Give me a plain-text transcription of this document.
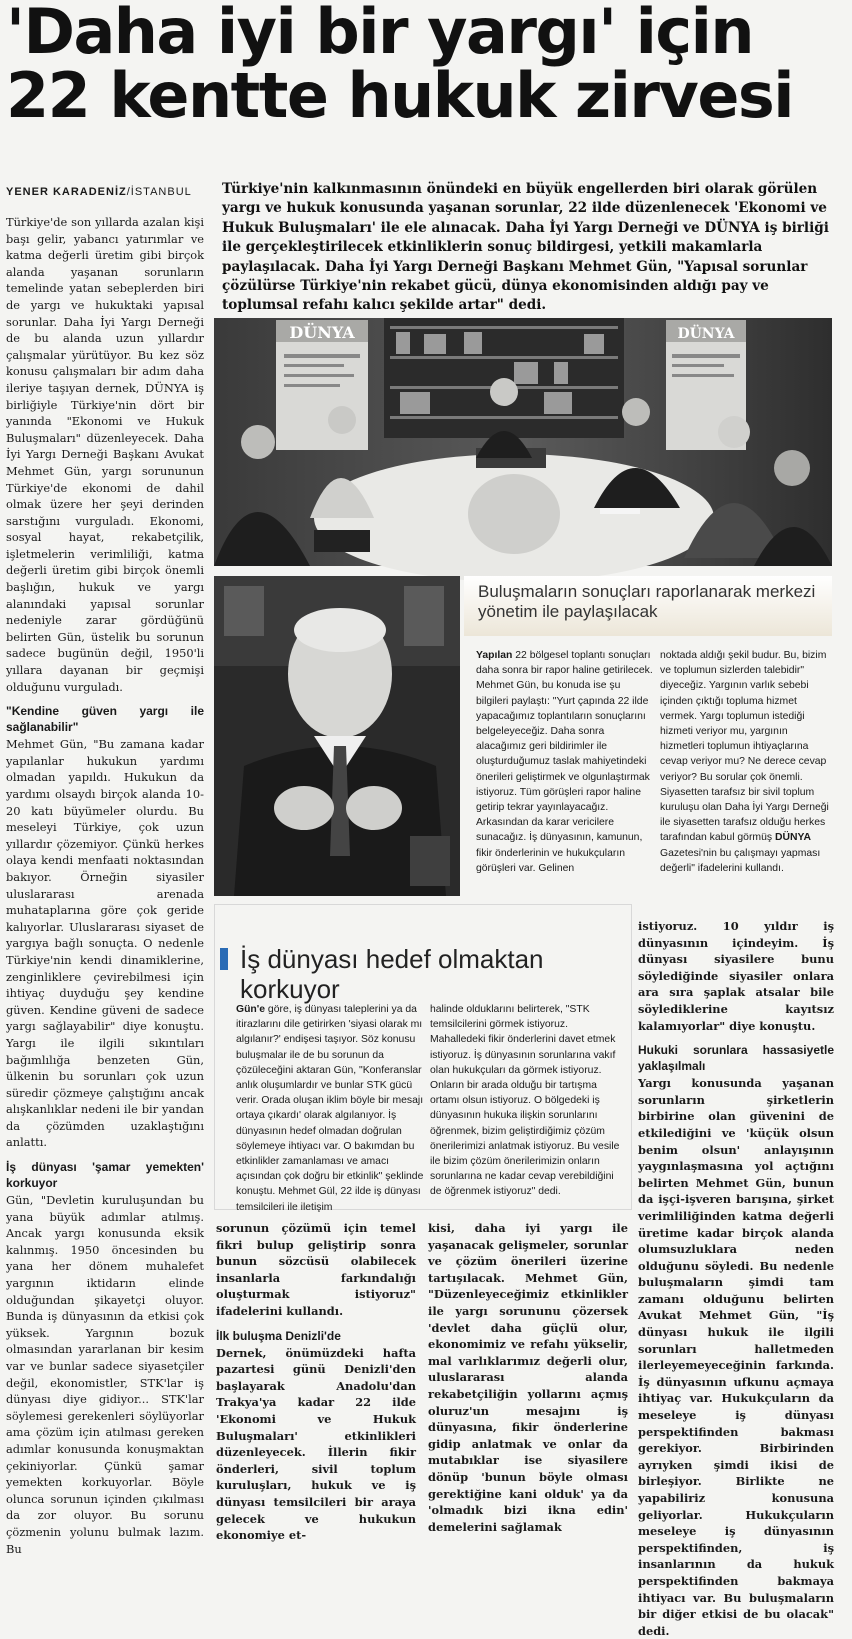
'Daha iyi bir yargı' için
22 kentte hukuk zirvesi
YENER KARADENİZ/İSTANBUL Türkiye'nin kalkınmasının önündeki en büyük engellerden biri olarak görülen yargı ve hukuk konusunda yaşanan sorunlar, 22 ilde düzenlenecek 'Ekonomi ve Hukuk Buluşmaları' ile ele alınacak. Daha İyi Yargı Derneği ve DÜNYA iş birliği ile gerçekleştirilecek etkinliklerin sonuç bildirgesi, yetkili makamlarla paylaşılacak. Daha İyi Yargı Derneği Başkanı Mehmet Gün, "Yapısal sorunlar çözülürse Türkiye'nin rekabet gücü, dünya ekonomisinden aldığı pay ve toplumsal refahı kalıcı şekilde artar" dedi.

Türkiye'de son yıllarda azalan kişi başı gelir, yabancı yatırımlar ve katma değerli üretim gibi birçok alanda yaşanan sorunların temelinde yatan sebeplerden biri de yargı ve hukuktaki yapısal sorunlar. Daha İyi Yargı Derneği de bu alanda uzun yıllardır çalışmalar yürütüyor. Bu kez söz konusu çalışmaları bir adım daha ileriye taşıyan dernek, DÜNYA iş birliğiyle Türkiye'nin dört bir yanında "Ekonomi ve Hukuk Buluşmaları" düzenleyecek. Daha İyi Yargı Derneği Başkanı Avukat Mehmet Gün, yargı sorununun Türkiye'de ekonomi de dahil olmak üzere her şeyi derinden sarstığını vurguladı. Ekonomi, sosyal hayat, rekabetçilik, işletmelerin verimliliği, katma değerli üretim gibi birçok önemli başlığın, hukuk ve yargı alanındaki yapısal sorunlar nedeniyle zarar gördüğünü belirten Gün, üstelik bu sorunun sadece bugünün değil, 1950'li yıllara dayanan bir geçmişi olduğunu vurguladı.

"Kendine güven yargı ile sağlanabilir"

Mehmet Gün, "Bu zamana kadar yapılanlar hukukun yardımı olmadan yapıldı. Hukukun da yardımı olsaydı birçok alanda 10-20 katı büyümeler olurdu. Bu meseleyi Türkiye, çok uzun yıllardır çözemiyor. Çünkü herkes olaya kendi menfaati noktasından bakıyor. Örneğin siyasiler uluslararası arenada muhataplarına göre çok geride kalıyorlar. Uluslararası siyaset de yargıya bağlı sonuçta. O nedenle Türkiye'nin kendi dinamiklerine, zenginliklere çevirebilmesi için ihtiyaç duyduğu şey kendine güven. Kendine güveni de sadece yargı sağlayabilir" diye konuştu. Yargı ile ilgili sıkıntıları bağımlılığa benzeten Gün, ülkenin bu sorunları çok uzun süredir çözmeye çalıştığını ancak alışkanlıklar nedeni ile bir yandan da çözümden uzaklaştığını anlattı.

İş dünyası 'şamar yemekten' korkuyor

Gün, "Devletin kuruluşundan bu yana büyük adımlar atılmış. Ancak yargı konusunda eksik kalınmış. 1950 öncesinden bu yana her dönem muhalefet yargının iktidarın elinde olduğundan şikayetçi oluyor. Bunda iş dünyasının da etkisi çok yüksek. Yargının bozuk olmasından yararlanan bir kesim var ve bunlar sadece siyasetçiler değil, ekonomistler, STK'lar iş dünyası diye gidiyor... STK'lar söylemesi gerekenleri söylüyorlar ama çözüm için atılması gereken adımlar konusunda konuşmaktan çekiniyorlar. Çünkü şamar yemekten korkuyorlar. Böyle olunca sorunun içinden çıkılması da zor oluyor. Bu sorunu çözmenin yolunu bulmak lazım. Bu

DÜNYA	DÜNYA
Buluşmaların sonuçları raporlanarak merkezi yönetim ile paylaşılacak
Yapılan 22 bölgesel toplantı sonuçları daha sonra bir rapor haline getirilecek. Mehmet Gün, bu konuda ise şu bilgileri paylaştı: "Yurt çapında 22 ilde yapacağımız toplantıların sonuçlarını belgeleyeceğiz. Daha sonra alacağımız geri bildirimler ile oluşturduğumuz taslak mahiyetindeki önerileri geliştirmek ve olgunlaştırmak istiyoruz. Tüm görüşleri rapor haline getirip tekrar yayınlayacağız. Arkasından da karar vericilere sunacağız. İş dünyasının, kamunun, fikir önderlerinin ve hukukçuların görüşleri var. Gelinen
noktada aldığı şekil budur. Bu, bizim ve toplumun sizlerden talebidir" diyeceğiz. Yargının varlık sebebi içinden çıktığı topluma hizmet vermek. Yargı toplumun istediği hizmeti veriyor mu, yargının hizmetleri toplumun ihtiyaçlarına cevap veriyor mu? Ne derece cevap veriyor? Bu sorular çok önemli. Siyasetten tarafsız bir sivil toplum kuruluşu olan Daha İyi Yargı Derneği ile siyasetten tarafsız olduğu herkes tarafından kabul görmüş DÜNYA Gazetesi'nin bu çalışmayı yapması değerli" ifadelerini kullandı.
İş dünyası hedef olmaktan korkuyor
Gün'e göre, iş dünyası taleplerini ya da itirazlarını dile getirirken 'siyasi olarak mı algılanır?' endişesi taşıyor. Söz konusu buluşmalar ile de bu sorunun da çözüleceğini aktaran Gün, "Konferanslar anlık oluşumlardır ve bunlar STK gücü verir. Orada oluşan iklim böyle bir mesajı ortaya çıkardı' olarak algılanıyor. İş dünyasının hedef olmadan doğrulan söylemeye ihtiyacı var. O bakımdan bu etkinlikler zamanlaması ve amacı açısından çok doğru bir etkinlik" şeklinde konuştu. Mehmet Gül, 22 ilde iş dünyası temsilcileri ile iletişim
halinde olduklarını belirterek, "STK temsilcilerini görmek istiyoruz. Mahalledeki fikir önderlerini davet etmek istiyoruz. İş dünyasının sorunlarına vakıf olan hukukçuları da görmek istiyoruz. Onların bir arada olduğu bir tartışma ortamı olsun istiyoruz. O bölgedeki iş dünyasının hukuka ilişkin sorunlarını öğrenmek, bizim geliştirdiğimiz çözüm önerilerimizi anlatmak istiyoruz. Bu vesile ile bizim çözüm önerilerimizin onların sorunlarına ne kadar cevap verebildiğini de öğrenmek istiyoruz" dedi.

istiyoruz. 10 yıldır iş dünyasının içindeyim. İş dünyası siyasilere bunu söylediğinde siyasiler onlara ara sıra şaplak atsalar bile söylediklerine kayıtsız kalamıyorlar" diye konuştu.

Hukuki sorunlara hassasiyetle yaklaşılmalı

Yargı konusunda yaşanan sorunların şirketlerin birbirine olan güvenini de etkilediğini ve 'küçük olsun benim olsun' anlayışının yaygınlaşmasına yol açtığını belirten Mehmet Gün, bunun da işçi-işveren barışına, şirket verimliliğinden katma değerli üretime kadar birçok alanda olumsuzluklara neden olduğunu söyledi. Bu nedenle buluşmaların şimdi tam zamanı olduğunu belirten Avukat Mehmet Gün, "İş dünyası hukuk ile ilgili sorunları halletmeden ilerleyemeyeceğinin farkında. İş dünyasının ufkunu açmaya ihtiyaç var. Hukukçuların da meseleye iş dünyası perspektifinden bakması gerekiyor. Birbirinden ayrıyken şimdi ikisi de birleşiyor. Birlikte ne yapabiliriz konusuna geliyorlar. Hukukçuların meseleye iş dünyasının perspektifinden, iş insanlarının da hukuk perspektifinden bakmaya ihtiyacı var. Bu buluşmaların bir diğer etkisi de bu olacak" dedi.

sorunun çözümü için temel fikri bulup geliştirip sonra bunun sözcüsü olabilecek insanlarla farkındalığı oluşturmak istiyoruz" ifadelerini kullandı.

İlk buluşma Denizli'de

Dernek, önümüzdeki hafta pazartesi günü Denizli'den başlayarak Anadolu'dan Trakya'ya kadar 22 ilde 'Ekonomi ve Hukuk Buluşmaları' etkinlikleri düzenleyecek. İllerin fikir önderleri, sivil toplum kuruluşları, hukuk ve iş dünyası temsilcileri bir araya gelecek ve hukukun ekonomiye et-

kisi, daha iyi yargı ile yaşanacak gelişmeler, sorunlar ve çözüm önerileri üzerine tartışılacak. Mehmet Gün, "Düzenleyeceğimiz etkinlikler ile yargı sorununu çözersek 'devlet daha güçlü olur, ekonomimiz ve refahı yükselir, mal varlıklarımız değerli olur, uluslararası alanda rekabetçiliğin yollarını açmış oluruz'un mesajını iş dünyasına, fikir önderlerine gidip anlatmak ve onlar da mutabıklar ise siyasilere dönüp 'bunun böyle olması gerektiğine kani olduk' ya da 'olmadık bizi ikna edin' demelerini sağlamak
